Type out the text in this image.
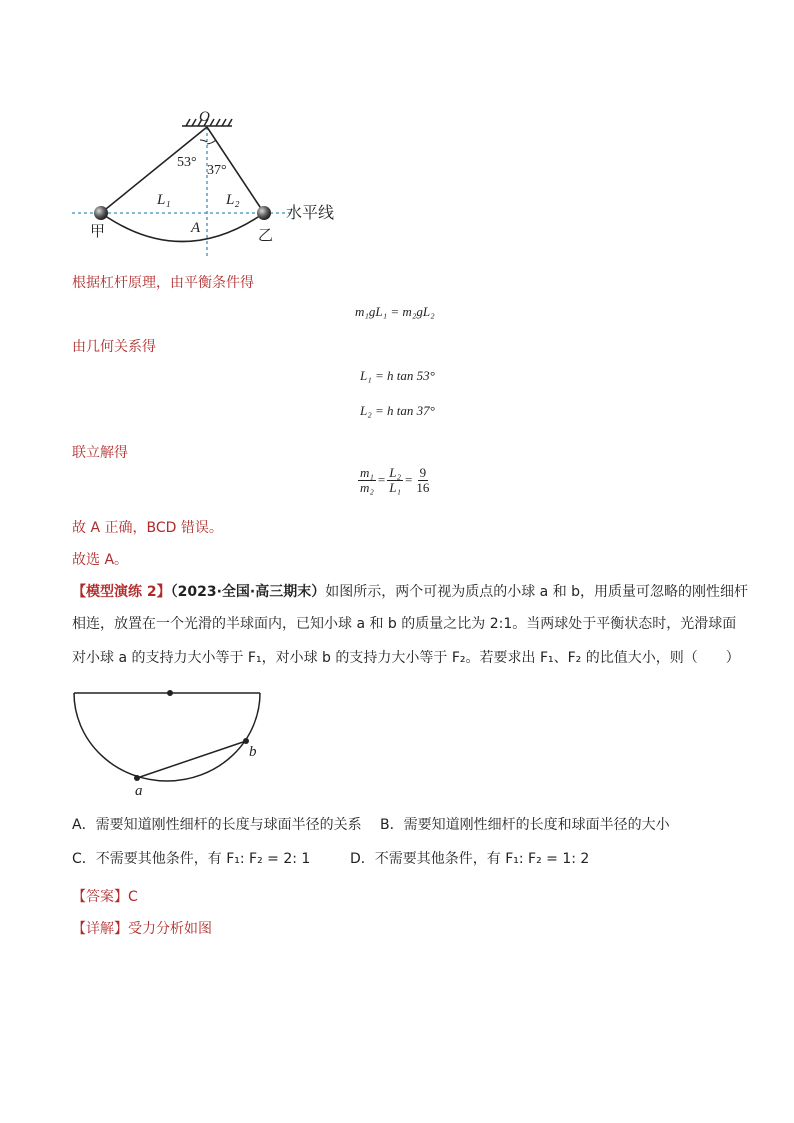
O
53°
37°
L₁	L₂
A
甲	乙
水平线
根据杠杆原理，由平衡条件得
m₁gL₁ = m₂gL₂
由几何关系得
L₁ = h tan 53°
L₂ = h tan 37°
联立解得
$\frac{\text{m₁}}{\text{m₂}} = \frac{\text{L₂}}{\text{L₁}} = \frac{9}{16}$
故 A 正确，BCD 错误。
故选 A。
【模型演练 2】（2023·全国·高三期末）如图所示，两个可视为质点的小球 a 和 b，用质量可忽略的刚性细杆
相连，放置在一个光滑的半球面内，已知小球 a 和 b 的质量之比为 2:1。当两球处于平衡状态时，光滑球面
对小球 a 的支持力大小等于 F₁，对小球 b 的支持力大小等于 F₂。若要求出 F₁、F₂ 的比值大小，则（　　）
a
b
A．需要知道刚性细杆的长度与球面半径的关系 B．需要知道刚性细杆的长度和球面半径的大小
C．不需要其他条件，有 F₁: F₂ = 2: 1	D．不需要其他条件，有 F₁: F₂ = 1: 2
【答案】C
【详解】受力分析如图
